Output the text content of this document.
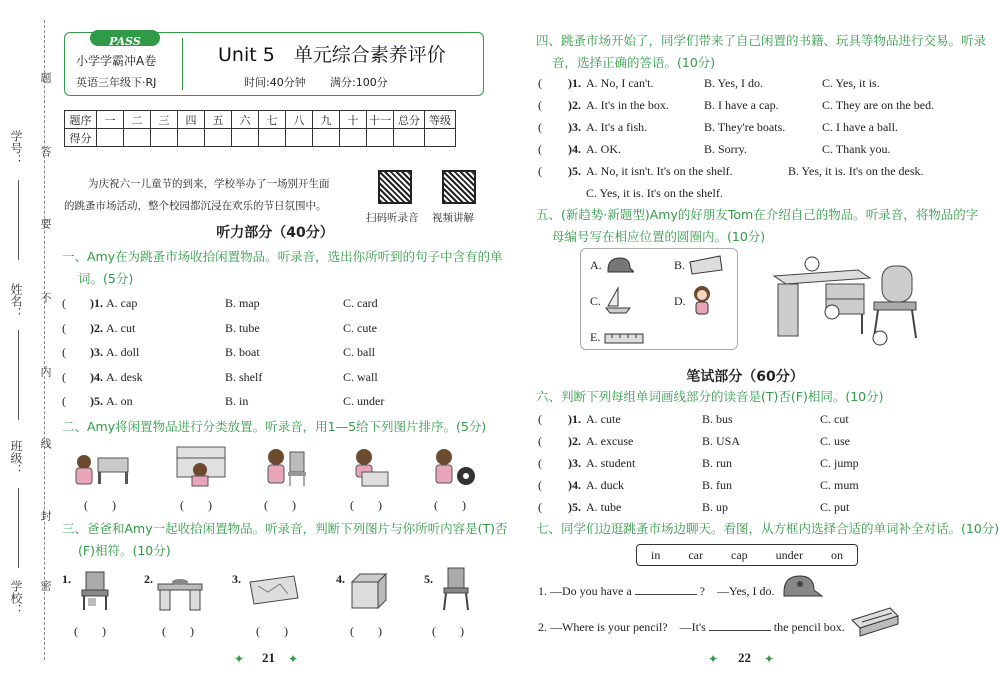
学号：
姓名：
班级：
学校：
题
答
要
不
内
线
封
密
PASS
小学学霸冲A卷
英语三年级下·RJ
Unit 5　单元综合素养评价
时间:40分钟 满分:100分
题序	一	二	三	四	五	六	七	八	九	十	十一	总分	等级
得分													
为庆祝六一儿童节的到来，学校举办了一场别开生面
的跳蚤市场活动，整个校园都沉浸在欢乐的节日氛围中。
扫码听录音 视频讲解
听力部分（40分）
一、Amy在为跳蚤市场收拾闲置物品。听录音，选出你所听到的句子中含有的单
词。(5分)
( )1. A. cap	B. map	C. card
( )2. A. cut	B. tube	C. cute
( )3. A. doll	B. boat	C. ball
( )4. A. desk	B. shelf	C. wall
( )5. A. on	B. in	C. under
二、Amy将闲置物品进行分类放置。听录音，用1—5给下列图片排序。(5分)
(　　)	(　　)	(　　)	(　　)	(　　)
三、爸爸和Amy一起收拾闲置物品。听录音，判断下列图片与你所听内容是(T)否
(F)相符。(10分)
1.	2.	3.	4.	5.
(　　)	(　　)	(　　)	(　　)	(　　)
✦ 21 ✦
四、跳蚤市场开始了，同学们带来了自己闲置的书籍、玩具等物品进行交易。听录
音，选择正确的答语。(10分)
( )1. A. No, I can't.	B. Yes, I do.	C. Yes, it is.
( )2. A. It's in the box.	B. I have a cap.	C. They are on the bed.
( )3. A. It's a fish.	B. They're boats.	C. I have a ball.
( )4. A. OK.	B. Sorry.	C. Thank you.
( )5. A. No, it isn't. It's on the shelf.	B. Yes, it is. It's on the desk.
C. Yes, it is. It's on the shelf.
五、(新趋势·新题型)Amy的好朋友Tom在介绍自己的物品。听录音，将物品的字
母编号写在相应位置的圆圈内。(10分)
A.	B.
C.	D.
E.
笔试部分（60分）
六、判断下列每组单词画线部分的读音是(T)否(F)相同。(10分)
( )1. A. cute	B. bus	C. cut
( )2. A. excuse	B. USA	C. use
( )3. A. student	B. run	C. jump
( )4. A. duck	B. fun	C. mum
( )5. A. tube	B. up	C. put
七、同学们边逛跳蚤市场边聊天。看图，从方框内选择合适的单词补全对话。(10分)
in car cap under on
1. —Do you have a	?　—Yes, I do.
2. —Where is your pencil?　—It's	the pencil box.
✦ 22 ✦
